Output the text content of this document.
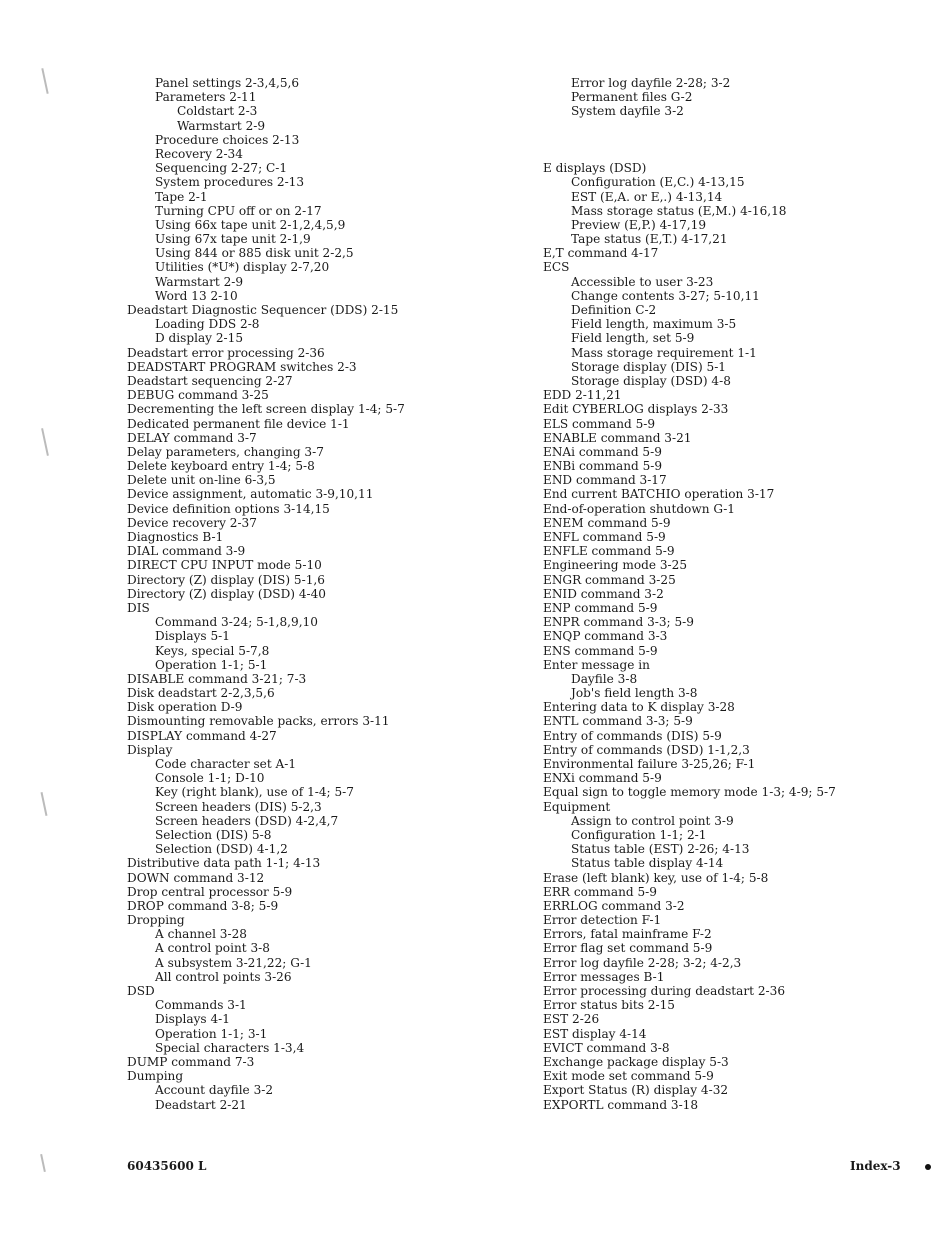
Panel settings 2-3,4,5,6
Parameters 2-11
Coldstart 2-3
Warmstart 2-9
Procedure choices 2-13
Recovery 2-34
Sequencing 2-27; C-1
System procedures 2-13
Tape 2-1
Turning CPU off or on 2-17
Using 66x tape unit 2-1,2,4,5,9
Using 67x tape unit 2-1,9
Using 844 or 885 disk unit 2-2,5
Utilities (*U*) display 2-7,20
Warmstart 2-9
Word 13 2-10
Deadstart Diagnostic Sequencer (DDS) 2-15
Loading DDS 2-8
D display 2-15
Deadstart error processing 2-36
DEADSTART PROGRAM switches 2-3
Deadstart sequencing 2-27
DEBUG command 3-25
Decrementing the left screen display 1-4; 5-7
Dedicated permanent file device 1-1
DELAY command 3-7
Delay parameters, changing 3-7
Delete keyboard entry 1-4; 5-8
Delete unit on-line 6-3,5
Device assignment, automatic 3-9,10,11
Device definition options 3-14,15
Device recovery 2-37
Diagnostics B-1
DIAL command 3-9
DIRECT CPU INPUT mode 5-10
Directory (Z) display (DIS) 5-1,6
Directory (Z) display (DSD) 4-40
DIS
Command 3-24; 5-1,8,9,10
Displays 5-1
Keys, special 5-7,8
Operation 1-1; 5-1
DISABLE command 3-21; 7-3
Disk deadstart 2-2,3,5,6
Disk operation D-9
Dismounting removable packs, errors 3-11
DISPLAY command 4-27
Display
Code character set A-1
Console 1-1; D-10
Key (right blank), use of 1-4; 5-7
Screen headers (DIS) 5-2,3
Screen headers (DSD) 4-2,4,7
Selection (DIS) 5-8
Selection (DSD) 4-1,2
Distributive data path 1-1; 4-13
DOWN command 3-12
Drop central processor 5-9
DROP command 3-8; 5-9
Dropping
A channel 3-28
A control point 3-8
A subsystem 3-21,22; G-1
All control points 3-26
DSD
Commands 3-1
Displays 4-1
Operation 1-1; 3-1
Special characters 1-3,4
DUMP command 7-3
Dumping
Account dayfile 3-2
Deadstart 2-21
Error log dayfile 2-28; 3-2
Permanent files G-2
System dayfile 3-2
E displays (DSD)
Configuration (E,C.) 4-13,15
EST (E,A. or E,.) 4-13,14
Mass storage status (E,M.) 4-16,18
Preview (E,P.) 4-17,19
Tape status (E,T.) 4-17,21
E,T command 4-17
ECS
Accessible to user 3-23
Change contents 3-27; 5-10,11
Definition C-2
Field length, maximum 3-5
Field length, set 5-9
Mass storage requirement 1-1
Storage display (DIS) 5-1
Storage display (DSD) 4-8
EDD 2-11,21
Edit CYBERLOG displays 2-33
ELS command 5-9
ENABLE command 3-21
ENAi command 5-9
ENBi command 5-9
END command 3-17
End current BATCHIO operation 3-17
End-of-operation shutdown G-1
ENEM command 5-9
ENFL command 5-9
ENFLE command 5-9
Engineering mode 3-25
ENGR command 3-25
ENID command 3-2
ENP command 5-9
ENPR command 3-3; 5-9
ENQP command 3-3
ENS command 5-9
Enter message in
Dayfile 3-8
Job's field length 3-8
Entering data to K display 3-28
ENTL command 3-3; 5-9
Entry of commands (DIS) 5-9
Entry of commands (DSD) 1-1,2,3
Environmental failure 3-25,26; F-1
ENXi command 5-9
Equal sign to toggle memory mode 1-3; 4-9; 5-7
Equipment
Assign to control point 3-9
Configuration 1-1; 2-1
Status table (EST) 2-26; 4-13
Status table display 4-14
Erase (left blank) key, use of 1-4; 5-8
ERR command 5-9
ERRLOG command 3-2
Error detection F-1
Errors, fatal mainframe F-2
Error flag set command 5-9
Error log dayfile 2-28; 3-2; 4-2,3
Error messages B-1
Error processing during deadstart 2-36
Error status bits 2-15
EST 2-26
EST display 4-14
EVICT command 3-8
Exchange package display 5-3
Exit mode set command 5-9
Export Status (R) display 4-32
EXPORTL command 3-18
60435600 L	Index-3
